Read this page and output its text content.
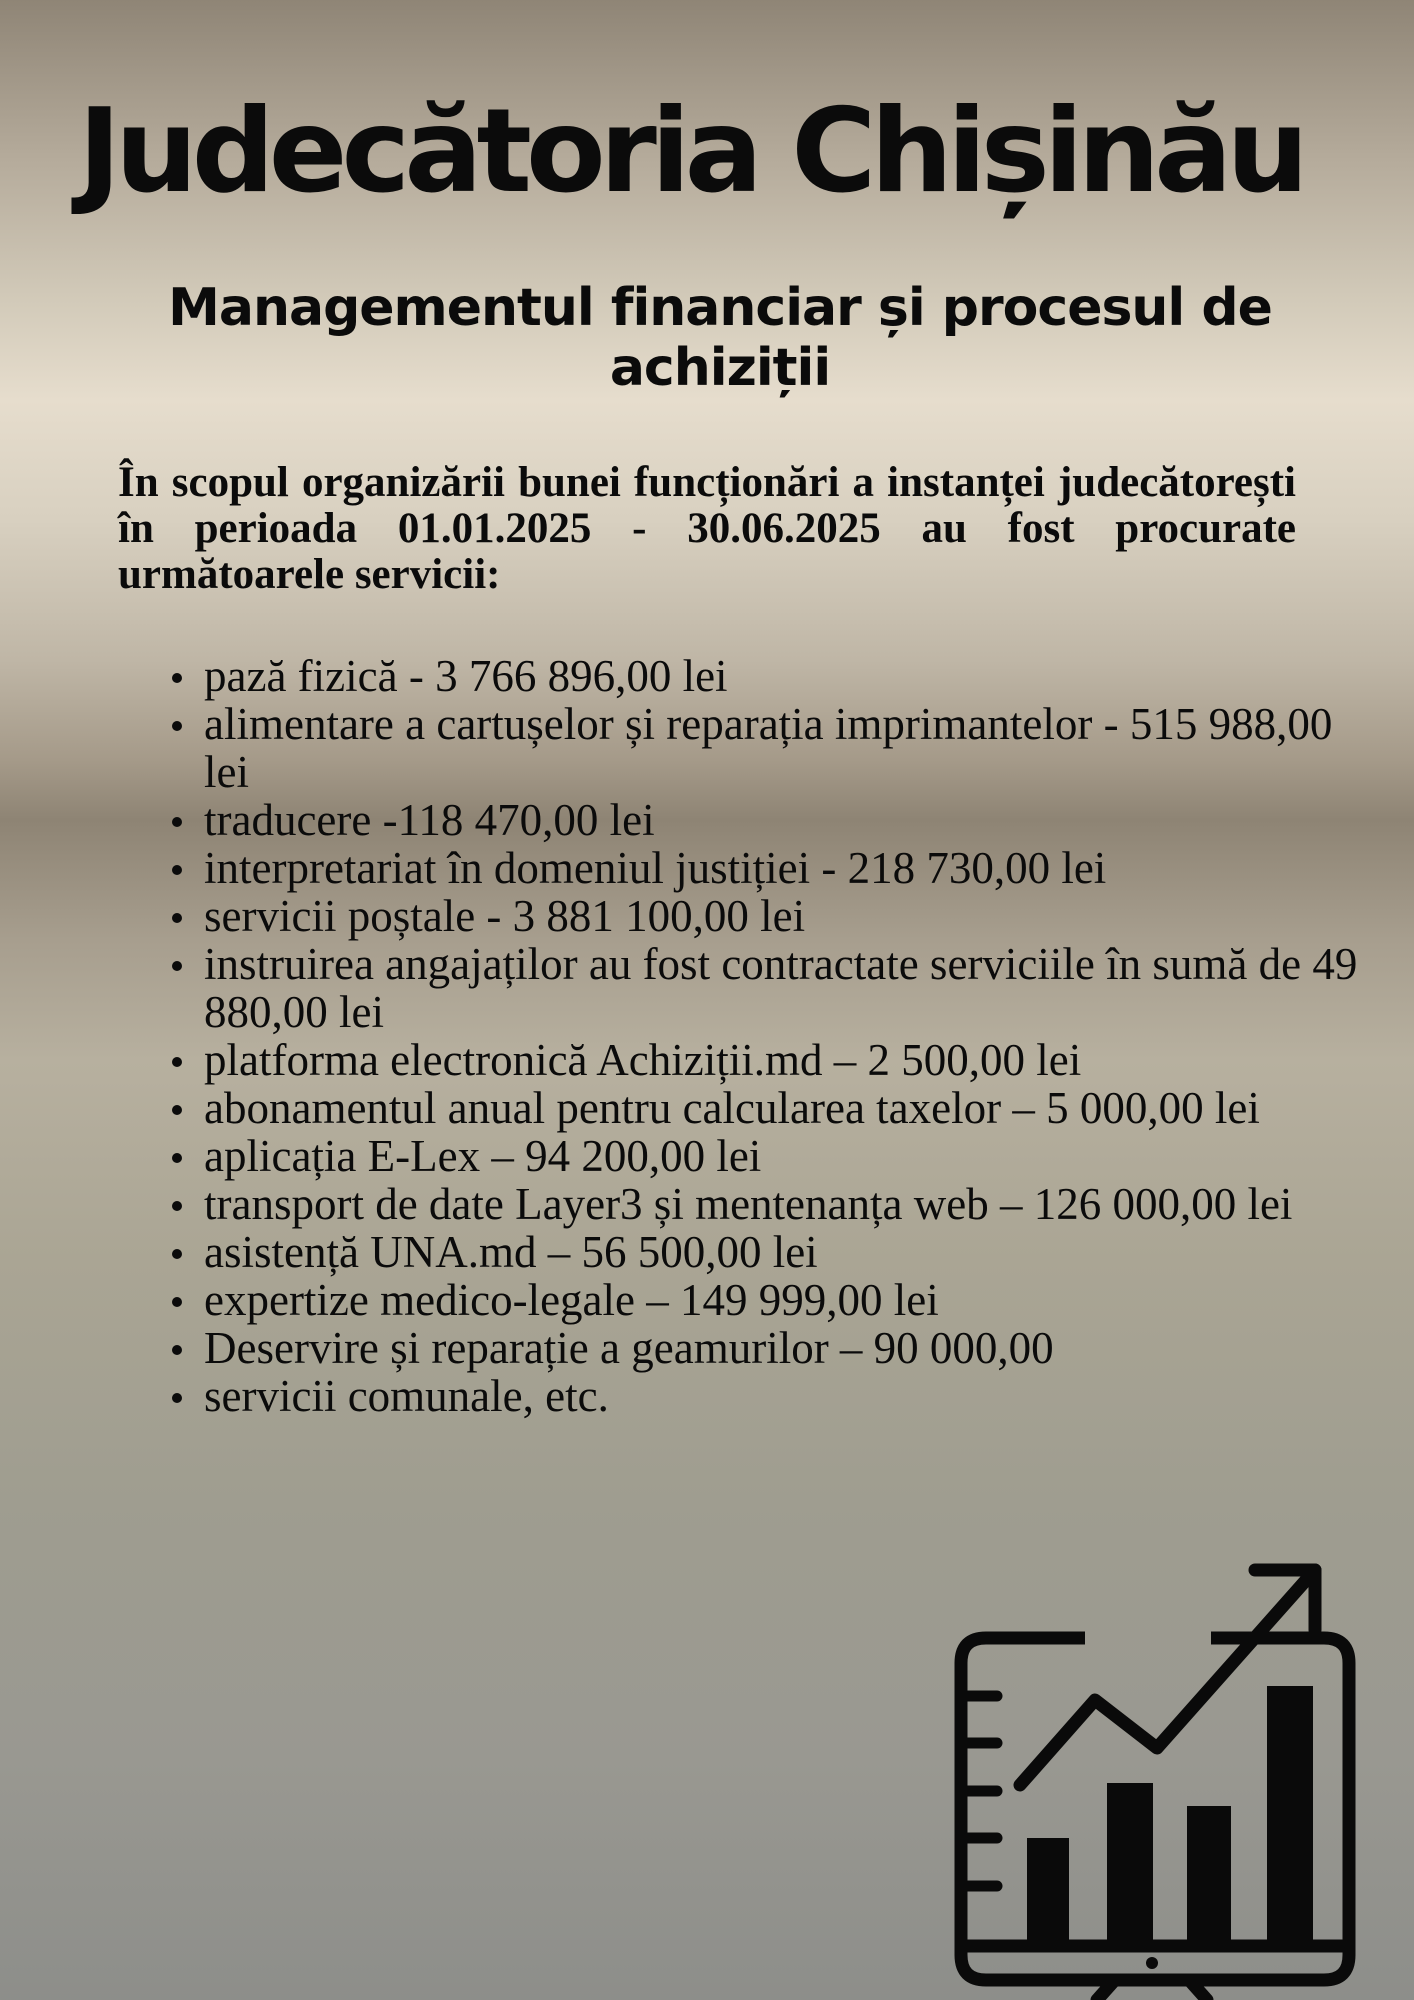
Judecătoria Chișinău
Managementul financiar și procesul de achiziții

În scopul organizării bunei funcționări a instanței judecătorești în perioada 01.01.2025 - 30.06.2025 au fost procurate următoarele servicii:

pază fizică - 3 766 896,00 lei
alimentare a cartușelor și reparația imprimantelor - 515 988,00 lei
traducere -118 470,00 lei
interpretariat în domeniul justiției - 218 730,00 lei
servicii poștale - 3 881 100,00 lei
instruirea angajaților au fost contractate serviciile în sumă de 49 880,00 lei
platforma electronică Achiziții.md – 2 500,00 lei
abonamentul anual pentru calcularea taxelor – 5 000,00 lei
aplicația E-Lex – 94 200,00 lei
transport de date Layer3 și mentenanța web – 126 000,00 lei
asistență UNA.md – 56 500,00 lei
expertize medico-legale – 149 999,00 lei
Deservire și reparație a geamurilor – 90 000,00
servicii comunale, etc.
